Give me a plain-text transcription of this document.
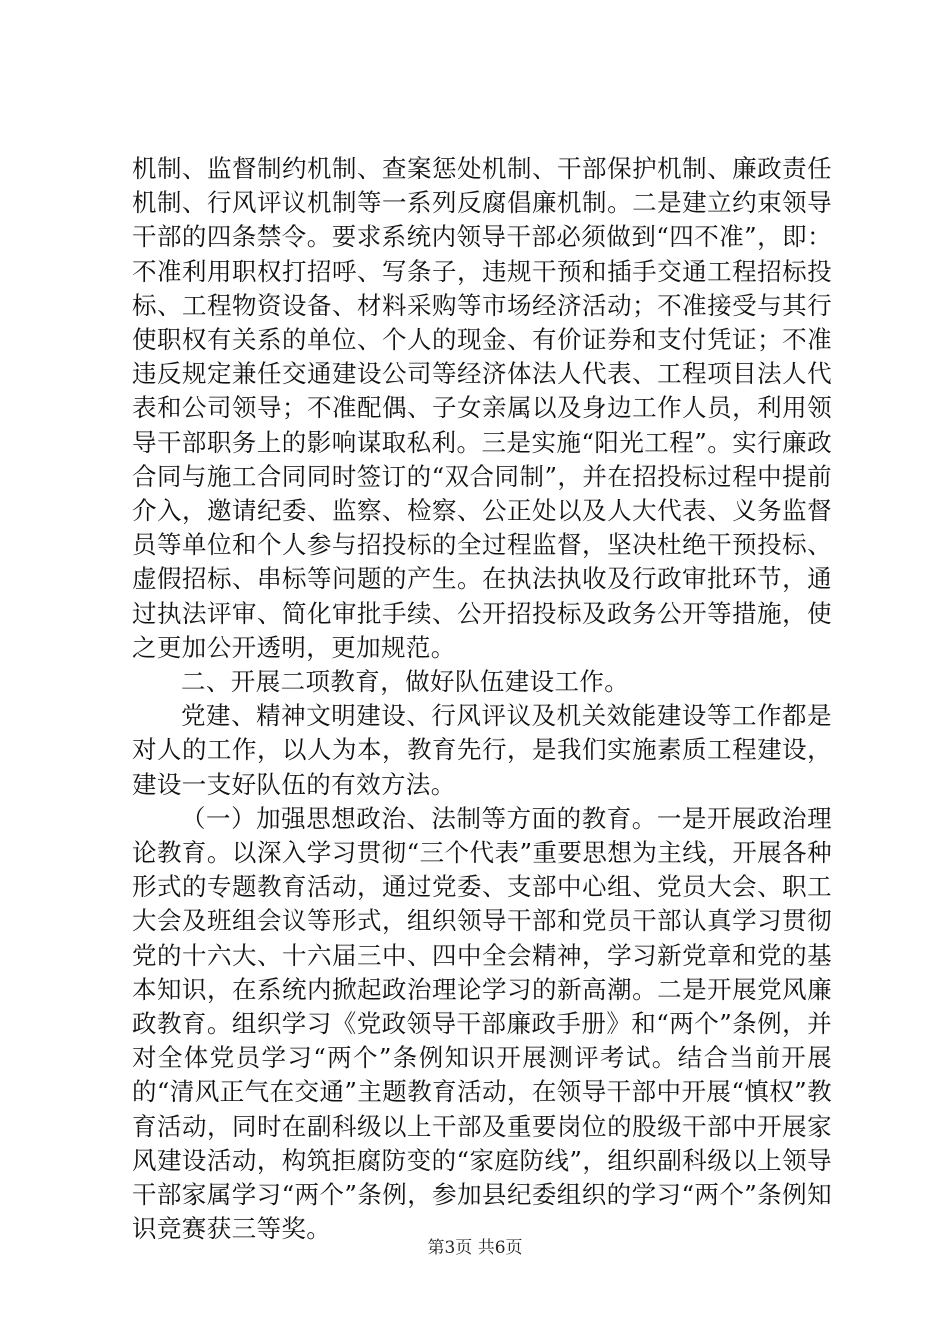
机制、监督制约机制、查案惩处机制、干部保护机制、廉政责任机制、行风评议机制等一系列反腐倡廉机制。二是建立约束领导干部的四条禁令。要求系统内领导干部必须做到“四不准”，即：不准利用职权打招呼、写条子，违规干预和插手交通工程招标投标、工程物资设备、材料采购等市场经济活动；不准接受与其行使职权有关系的单位、个人的现金、有价证券和支付凭证；不准违反规定兼任交通建设公司等经济体法人代表、工程项目法人代表和公司领导；不准配偶、子女亲属以及身边工作人员，利用领导干部职务上的影响谋取私利。三是实施“阳光工程”。实行廉政合同与施工合同同时签订的“双合同制”，并在招投标过程中提前介入，邀请纪委、监察、检察、公正处以及人大代表、义务监督员等单位和个人参与招投标的全过程监督，坚决杜绝干预投标、虚假招标、串标等问题的产生。在执法执收及行政审批环节，通过执法评审、简化审批手续、公开招投标及政务公开等措施，使之更加公开透明，更加规范。

二、开展二项教育，做好队伍建设工作。

党建、精神文明建设、行风评议及机关效能建设等工作都是对人的工作，以人为本，教育先行，是我们实施素质工程建设，建设一支好队伍的有效方法。

（一）加强思想政治、法制等方面的教育。一是开展政治理论教育。以深入学习贯彻“三个代表”重要思想为主线，开展各种形式的专题教育活动，通过党委、支部中心组、党员大会、职工大会及班组会议等形式，组织领导干部和党员干部认真学习贯彻党的十六大、十六届三中、四中全会精神，学习新党章和党的基本知识，在系统内掀起政治理论学习的新高潮。二是开展党风廉政教育。组织学习《党政领导干部廉政手册》和“两个”条例，并对全体党员学习“两个”条例知识开展测评考试。结合当前开展的“清风正气在交通”主题教育活动，在领导干部中开展“慎权”教育活动，同时在副科级以上干部及重要岗位的股级干部中开展家风建设活动，构筑拒腐防变的“家庭防线”，组织副科级以上领导干部家属学习“两个”条例，参加县纪委组织的学习“两个”条例知识竞赛获三等奖。

第3页 共6页
